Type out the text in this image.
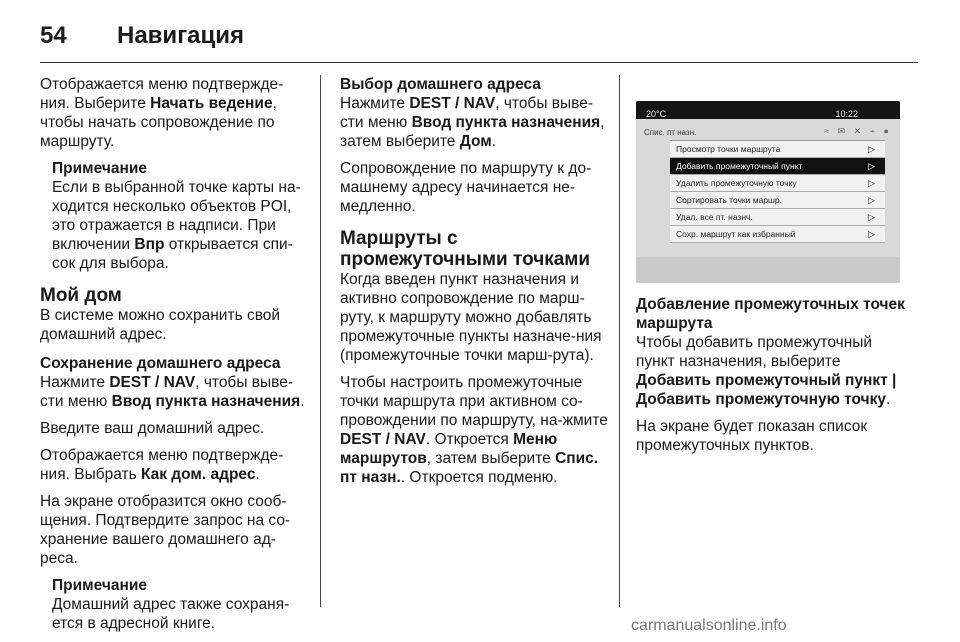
54 Навигация

Отображается меню подтвержде-ния. Выберите Начать ведение, чтобы начать сопровождение по маршруту.

Примечание
Если в выбранной точке карты на-ходится несколько объектов POI, это отражается в надписи. При включении Впр открывается спи-сок для выбора.
Мой дом

В системе можно сохранить свой домашний адрес.

Сохранение домашнего адреса

Нажмите DEST / NAV, чтобы выве-сти меню Ввод пункта назначения.

Введите ваш домашний адрес.

Отображается меню подтвержде-ния. Выбрать Как дом. адрес.

На экране отобразится окно сооб-щения. Подтвердите запрос на со-хранение вашего домашнего ад-реса.

Примечание
Домашний адрес также сохраня-ется в адресной книге.
Выбор домашнего адреса

Нажмите DEST / NAV, чтобы выве-сти меню Ввод пункта назначения, затем выберите Дом.

Сопровождение по маршруту к до-машнему адресу начинается не-медленно.

Маршруты с промежуточными точками

Когда введен пункт назначения и активно сопровождение по марш-руту, к маршруту можно добавлять промежуточные пункты назначе-ния (промежуточные точки марш-рута).

Чтобы настроить промежуточные точки маршрута при активном со-провождении по маршруту, на-жмите DEST / NAV. Откроется Меню маршрутов, затем выберите Спис. пт назн.. Откроется подменю.

20°C	10:22
Спис. пт назн.	≈ ✉ ✕ ⌁ ●
Просмотр точки маршрута	▷
Добавить промежуточный пункт	▷
Удалить промежуточную точку	▷
Сортировать точки маршр.	▷
Удал. все пт. назнч.	▷
Сохр. маршрут как избранный	▷
Добавление промежуточных точек маршрута

Чтобы добавить промежуточный пункт назначения, выберите Добавить промежуточный пункт | Добавить промежуточную точку.

На экране будет показан список промежуточных пунктов.

carmanualsonline.info
